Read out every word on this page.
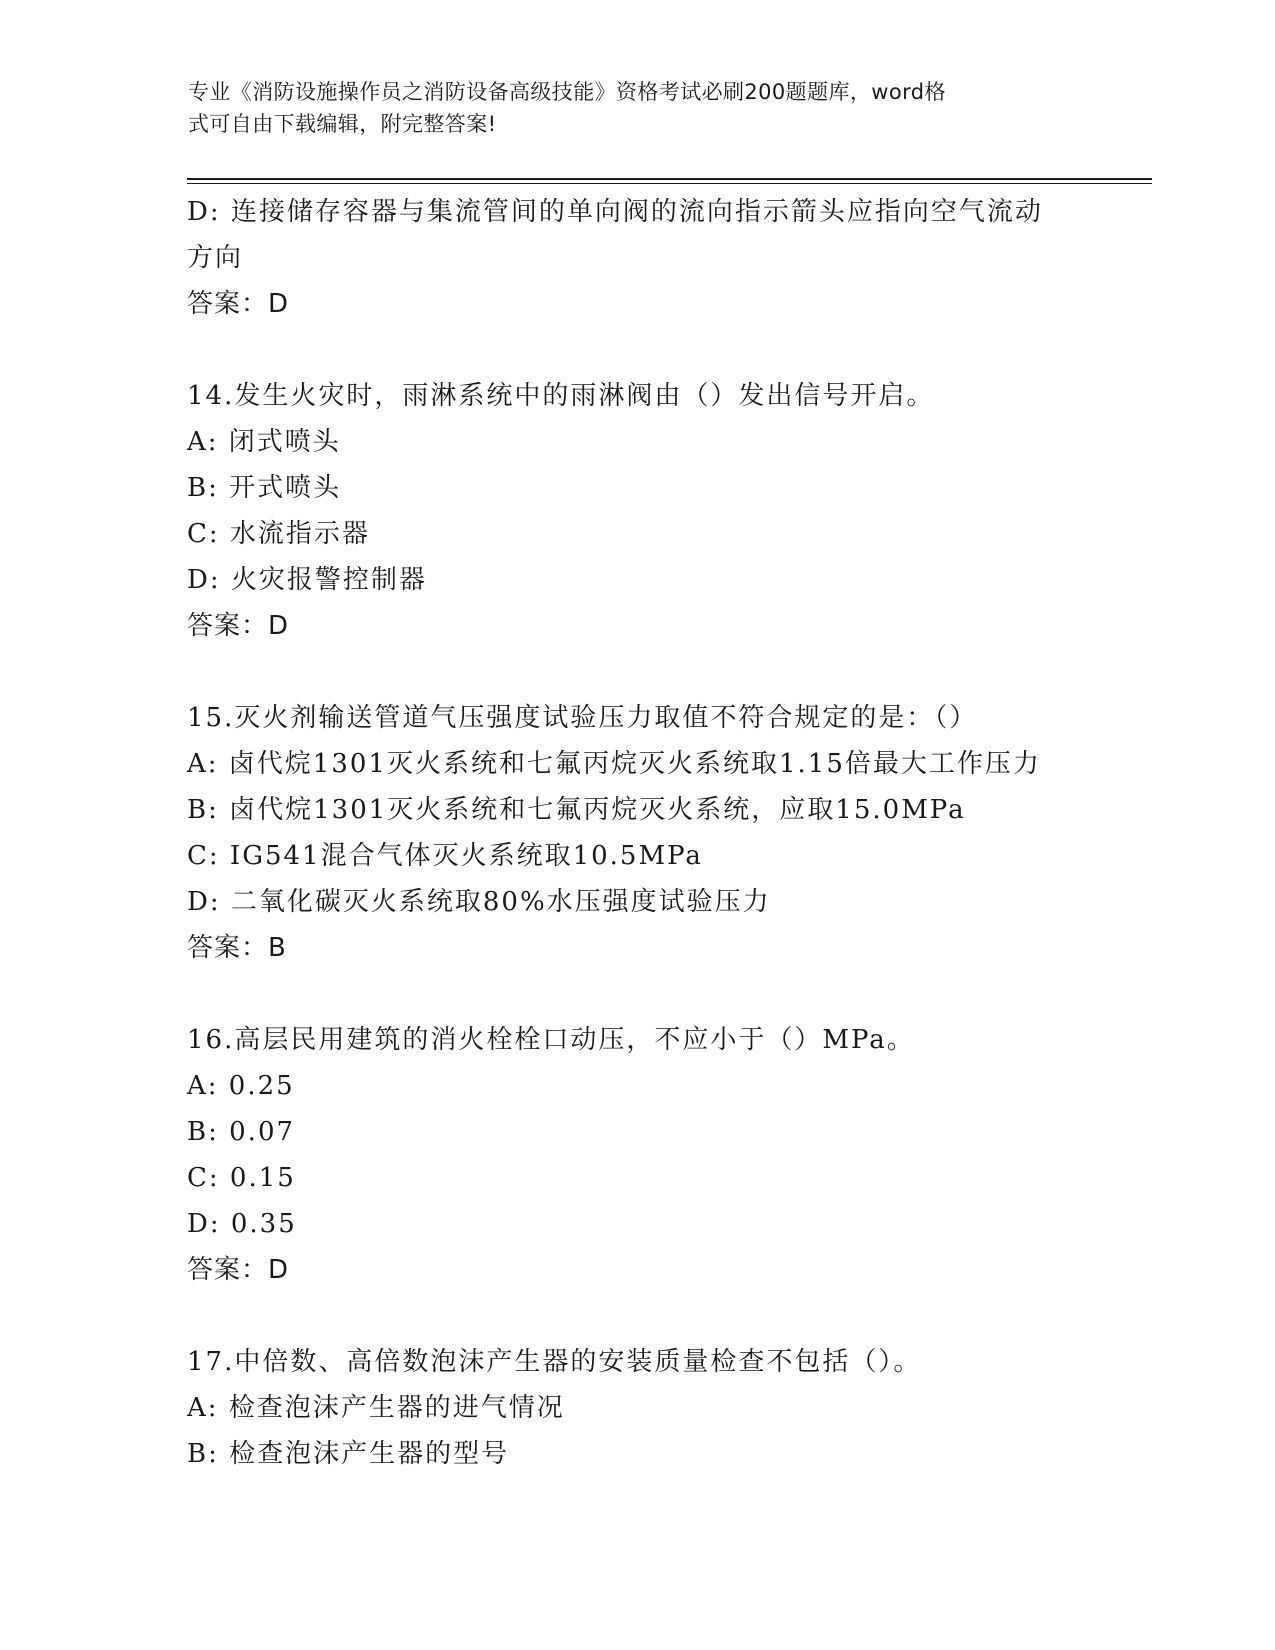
专业《消防设施操作员之消防设备高级技能》资格考试必刷200题题库，word格
式可自由下载编辑，附完整答案!
D: 连接储存容器与集流管间的单向阀的流向指示箭头应指向空气流动
方向
答案：D
14.发生火灾时，雨淋系统中的雨淋阀由（）发出信号开启。
A: 闭式喷头
B: 开式喷头
C: 水流指示器
D: 火灾报警控制器
答案：D
15.灭火剂输送管道气压强度试验压力取值不符合规定的是：（）
A: 卤代烷1301灭火系统和七氟丙烷灭火系统取1.15倍最大工作压力
B: 卤代烷1301灭火系统和七氟丙烷灭火系统，应取15.0MPa
C: IG541混合气体灭火系统取10.5MPa
D: 二氧化碳灭火系统取80%水压强度试验压力
答案：B
16.高层民用建筑的消火栓栓口动压，不应小于（）MPa。
A: 0.25
B: 0.07
C: 0.15
D: 0.35
答案：D
17.中倍数、高倍数泡沫产生器的安装质量检查不包括（）。
A: 检查泡沫产生器的进气情况
B: 检查泡沫产生器的型号
